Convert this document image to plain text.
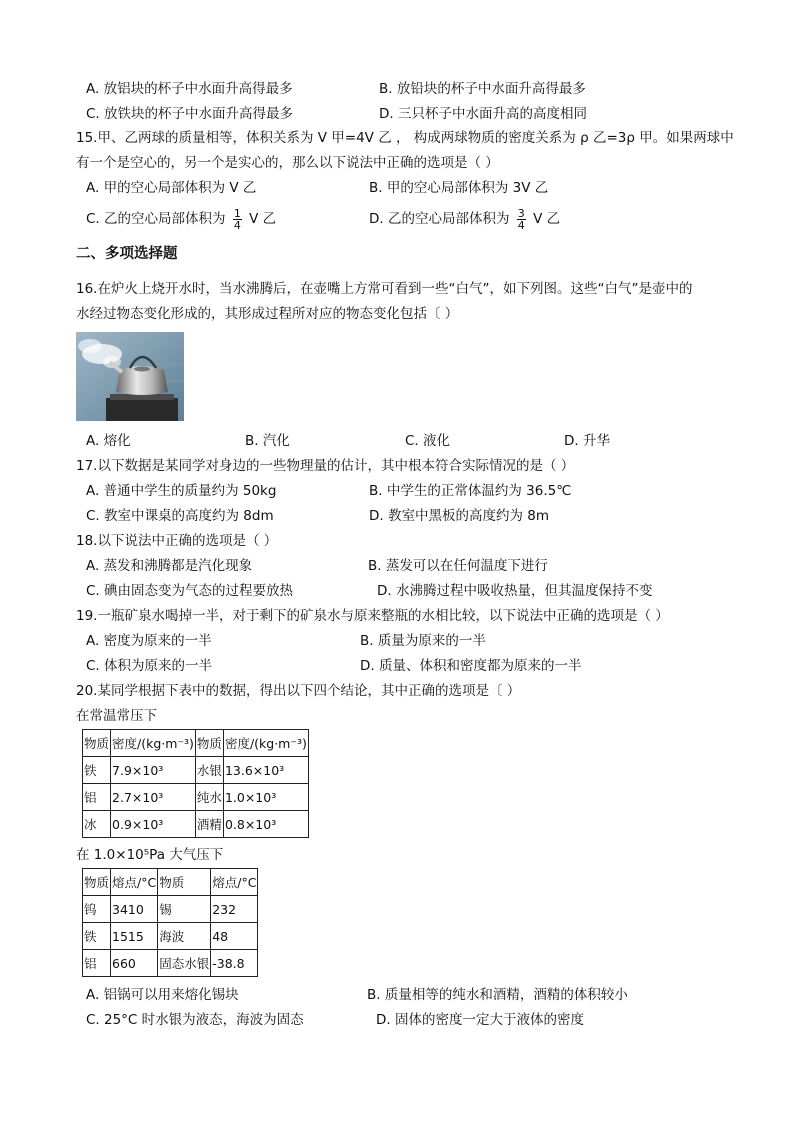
A. 放铝块的杯子中水面升高得最多	B. 放铅块的杯子中水面升高得最多
C. 放铁块的杯子中水面升高得最多	D. 三只杯子中水面升高的高度相同
15.甲、乙两球的质量相等，体积关系为 V 甲=4V 乙 ， 构成两球物质的密度关系为 ρ 乙=3ρ 甲。如果两球中
有一个是空心的，另一个是实心的，那么以下说法中正确的选项是（ ）
A. 甲的空心局部体积为 V 乙	B. 甲的空心局部体积为 3V 乙
C. 乙的空心局部体积为 $\frac{1}{4}$ V 乙	D. 乙的空心局部体积为 $\frac{3}{4}$ V 乙
二、多项选择题
16.在炉火上烧开水时，当水沸腾后，在壶嘴上方常可看到一些“白气”，如下列图。这些“白气”是壶中的
水经过物态变化形成的，其形成过程所对应的物态变化包括〔 ）
A. 熔化	B. 汽化	C. 液化	D. 升华
17.以下数据是某同学对身边的一些物理量的估计，其中根本符合实际情况的是（ ）
A. 普通中学生的质量约为 50kg	B. 中学生的正常体温约为 36.5℃
C. 教室中课桌的高度约为 8dm	D. 教室中黑板的高度约为 8m
18.以下说法中正确的选项是（ ）
A. 蒸发和沸腾都是汽化现象	B. 蒸发可以在任何温度下进行
C. 碘由固态变为气态的过程要放热	D. 水沸腾过程中吸收热量，但其温度保持不变
19.一瓶矿泉水喝掉一半，对于剩下的矿泉水与原来整瓶的水相比较，以下说法中正确的选项是（ ）
A. 密度为原来的一半	B. 质量为原来的一半
C. 体积为原来的一半	D. 质量、体积和密度都为原来的一半
20.某同学根据下表中的数据，得出以下四个结论，其中正确的选项是〔 ）
在常温常压下
物质	密度/(kg·m⁻³)	物质	密度/(kg·m⁻³)
铁	7.9×10³	水银	13.6×10³
铝	2.7×10³	纯水	1.0×10³
冰	0.9×10³	酒精	0.8×10³
在 1.0×10⁵Pa 大气压下
物质	熔点/°C	物质	熔点/°C
钨	3410	锡	232
铁	1515	海波	48
铝	660	固态水银	-38.8
A. 铝锅可以用来熔化锡块	B. 质量相等的纯水和酒精，酒精的体积较小
C. 25°C 时水银为液态，海波为固态	D. 固体的密度一定大于液体的密度
